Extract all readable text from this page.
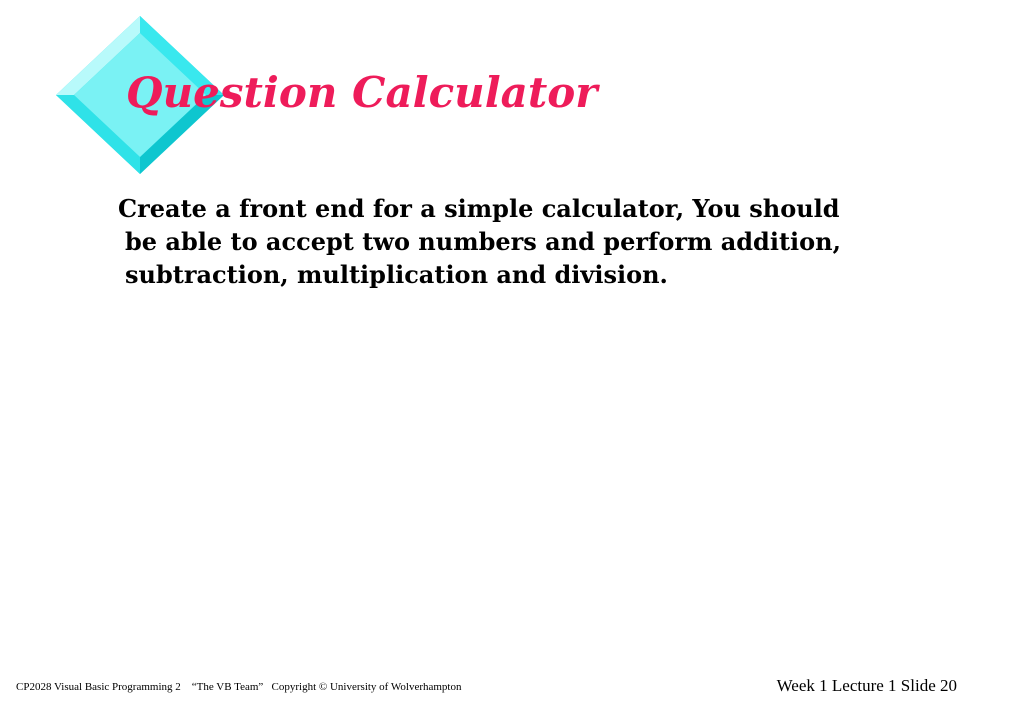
Question Calculator

Create a front end for a simple calculator, You should
be able to accept two numbers and perform addition,
subtraction, multiplication and division.

CP2028 Visual Basic Programming 2    “The VB Team”   Copyright © University of Wolverhampton	Week 1 Lecture 1 Slide 20
